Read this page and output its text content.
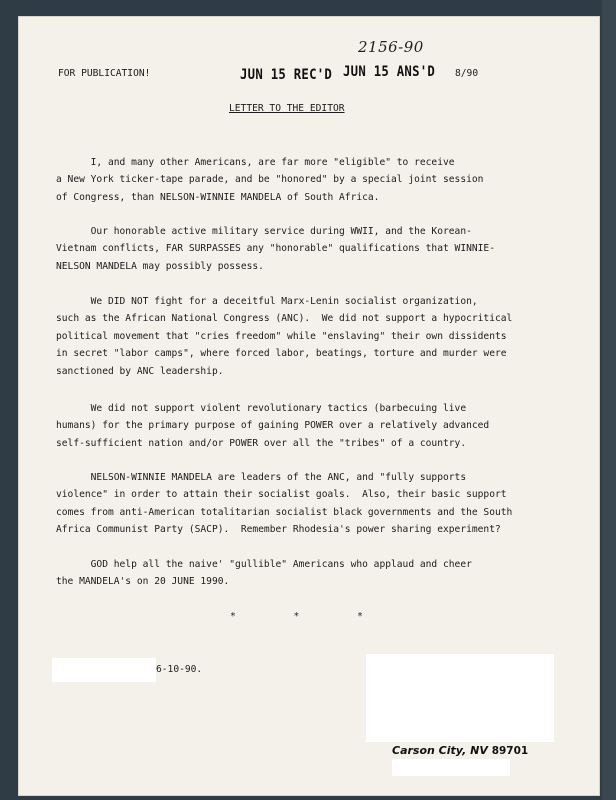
FOR PUBLICATION!	JUN 15 REC'D JUN 15 ANS'D 8/90
2156-90
LETTER TO THE EDITOR
I, and many other Americans, are far more "eligible" to receive
a New York ticker-tape parade, and be "honored" by a special joint session
of Congress, than NELSON-WINNIE MANDELA of South Africa.
Our honorable active military service during WWII, and the Korean-
Vietnam conflicts, FAR SURPASSES any "honorable" qualifications that WINNIE-
NELSON MANDELA may possibly possess.
We DID NOT fight for a deceitful Marx-Lenin socialist organization,
such as the African National Congress (ANC).  We did not support a hypocritical
political movement that "cries freedom" while "enslaving" their own dissidents
in secret "labor camps", where forced labor, beatings, torture and murder were
sanctioned by ANC leadership.
We did not support violent revolutionary tactics (barbecuing live
humans) for the primary purpose of gaining POWER over a relatively advanced
self-sufficient nation and/or POWER over all the "tribes" of a country.
NELSON-WINNIE MANDELA are leaders of the ANC, and "fully supports
violence" in order to attain their socialist goals.  Also, their basic support
comes from anti-American totalitarian socialist black governments and the South
Africa Communist Party (SACP).  Remember Rhodesia's power sharing experiment?
GOD help all the naive' "gullible" Americans who applaud and cheer
the MANDELA's on 20 JUNE 1990.
*          *          *
6-10-90.
Carson City, NV 89701
